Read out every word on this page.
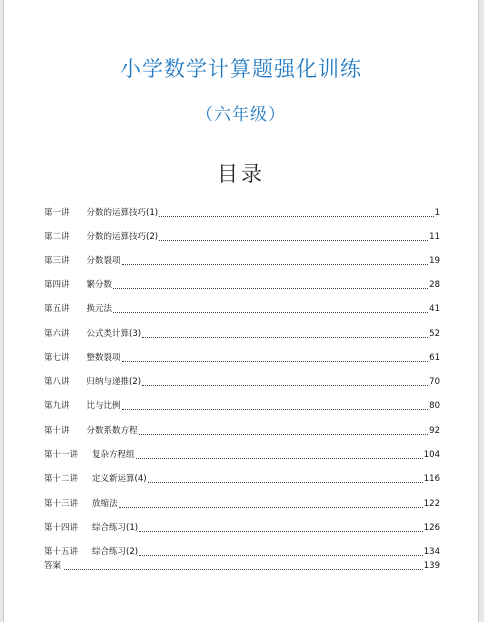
小学数学计算题强化训练
（六年级）
目录
第一讲 分数的运算技巧(1)	1
第二讲 分数的运算技巧(2)	11
第三讲 分数裂项	19
第四讲 繁分数	28
第五讲 换元法	41
第六讲 公式类计算(3)	52
第七讲 整数裂项	61
第八讲 归纳与递推(2)	70
第九讲 比与比例	80
第十讲 分数系数方程	92
第十一讲 复杂方程组	104
第十二讲 定义新运算(4)	116
第十三讲 放缩法	122
第十四讲 综合练习(1)	126
第十五讲 综合练习(2)	134
答案	139
